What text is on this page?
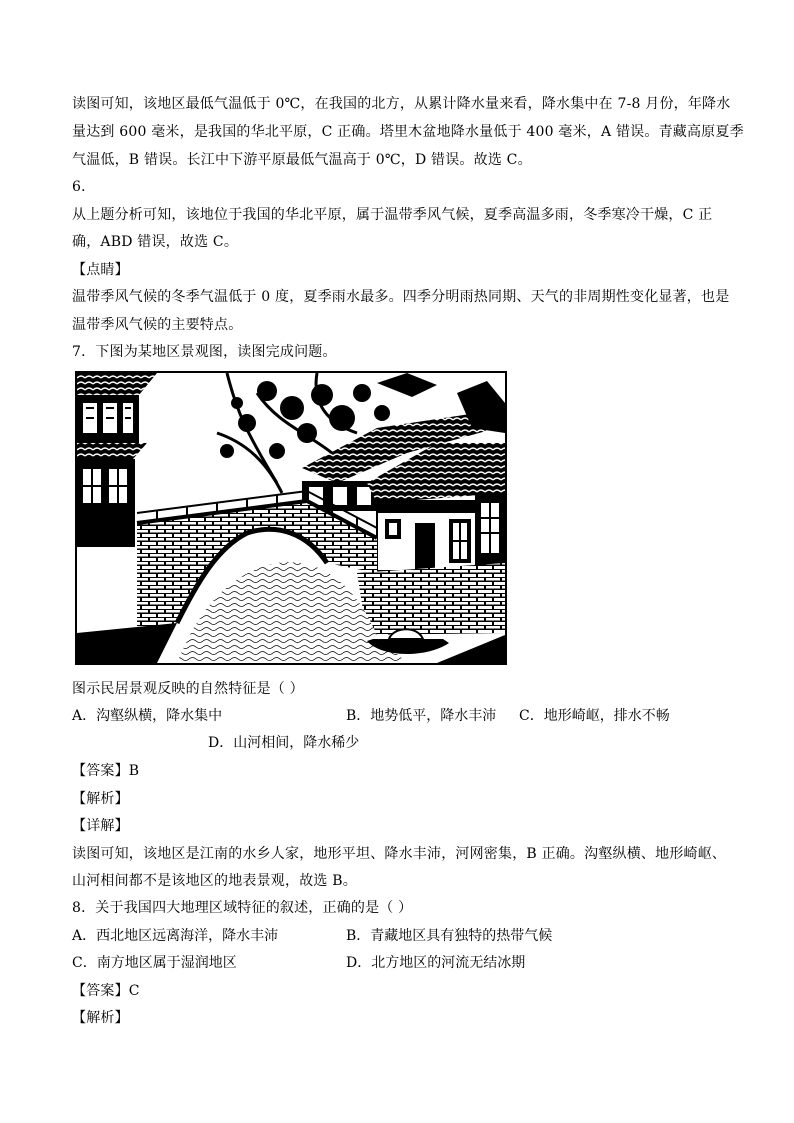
读图可知，该地区最低气温低于 0℃，在我国的北方，从累计降水量来看，降水集中在 7-8 月份，年降水
量达到 600 毫米，是我国的华北平原，C 正确。塔里木盆地降水量低于 400 毫米，A 错误。青藏高原夏季
气温低，B 错误。长江中下游平原最低气温高于 0℃，D 错误。故选 C。
6．
从上题分析可知，该地位于我国的华北平原，属于温带季风气候，夏季高温多雨，冬季寒冷干燥，C 正
确，ABD 错误，故选 C。
【点睛】
温带季风气候的冬季气温低于 0 度，夏季雨水最多。四季分明雨热同期、天气的非周期性变化显著，也是
温带季风气候的主要特点。
7．下图为某地区景观图，读图完成问题。
图示民居景观反映的自然特征是（ ）
A．沟壑纵横，降水集中	B．地势低平，降水丰沛 C．地形崎岖，排水不畅
D．山河相间，降水稀少
【答案】B
【解析】
【详解】
读图可知，该地区是江南的水乡人家，地形平坦、降水丰沛，河网密集，B 正确。沟壑纵横、地形崎岖、
山河相间都不是该地区的地表景观，故选 B。
8．关于我国四大地理区域特征的叙述，正确的是（ ）
A．西北地区远离海洋，降水丰沛	B．青藏地区具有独特的热带气候
C．南方地区属于湿润地区	D．北方地区的河流无结冰期
【答案】C
【解析】
